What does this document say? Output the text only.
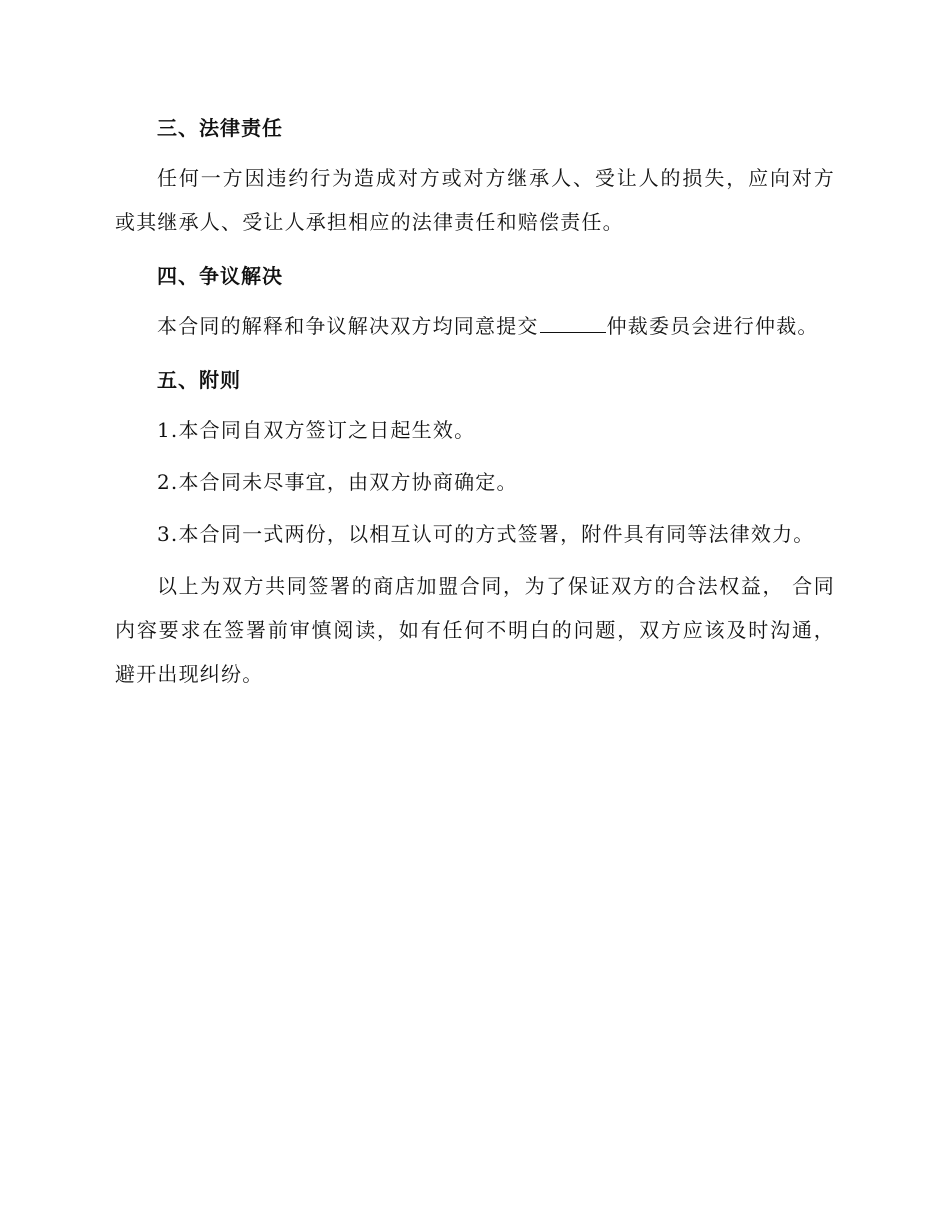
三、法律责任

任何一方因违约行为造成对方或对方继承人、受让人的损失，应向对方或其继承人、受让人承担相应的法律责任和赔偿责任。

四、争议解决

本合同的解释和争议解决双方均同意提交	仲裁委员会进行仲裁。

五、附则

1.本合同自双方签订之日起生效。

2.本合同未尽事宜，由双方协商确定。

3.本合同一式两份，以相互认可的方式签署，附件具有同等法律效力。

以上为双方共同签署的商店加盟合同，为了保证双方的合法权益， 合同内容要求在签署前审慎阅读，如有任何不明白的问题，双方应该及时沟通，避开出现纠纷。
